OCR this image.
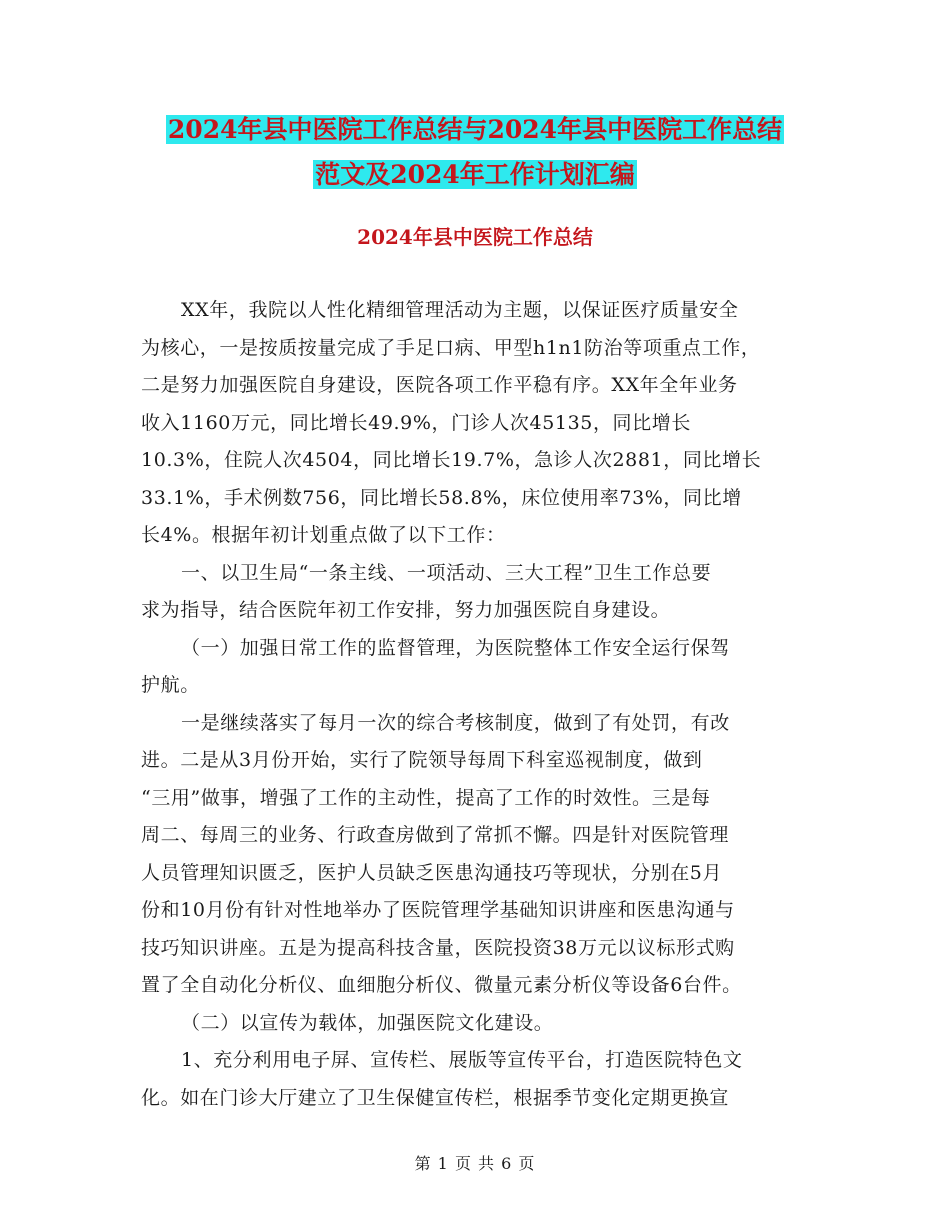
2024年县中医院工作总结与2024年县中医院工作总结
范文及2024年工作计划汇编
2024年县中医院工作总结
XX年，我院以人性化精细管理活动为主题，以保证医疗质量安全
为核心，一是按质按量完成了手足口病、甲型h1n1防治等项重点工作，
二是努力加强医院自身建设，医院各项工作平稳有序。XX年全年业务
收入1160万元，同比增长49.9%，门诊人次45135，同比增长
10.3%，住院人次4504，同比增长19.7%，急诊人次2881，同比增长
33.1%，手术例数756，同比增长58.8%，床位使用率73%，同比增
长4%。根据年初计划重点做了以下工作：
一、以卫生局“一条主线、一项活动、三大工程”卫生工作总要
求为指导，结合医院年初工作安排，努力加强医院自身建设。
（一）加强日常工作的监督管理，为医院整体工作安全运行保驾
护航。
一是继续落实了每月一次的综合考核制度，做到了有处罚，有改
进。二是从3月份开始，实行了院领导每周下科室巡视制度，做到
“三用”做事，增强了工作的主动性，提高了工作的时效性。三是每
周二、每周三的业务、行政查房做到了常抓不懈。四是针对医院管理
人员管理知识匮乏，医护人员缺乏医患沟通技巧等现状，分别在5月
份和10月份有针对性地举办了医院管理学基础知识讲座和医患沟通与
技巧知识讲座。五是为提高科技含量，医院投资38万元以议标形式购
置了全自动化分析仪、血细胞分析仪、微量元素分析仪等设备6台件。
（二）以宣传为载体，加强医院文化建设。
1、充分利用电子屏、宣传栏、展版等宣传平台，打造医院特色文
化。如在门诊大厅建立了卫生保健宣传栏，根据季节变化定期更换宣
第 1 页 共 6 页
